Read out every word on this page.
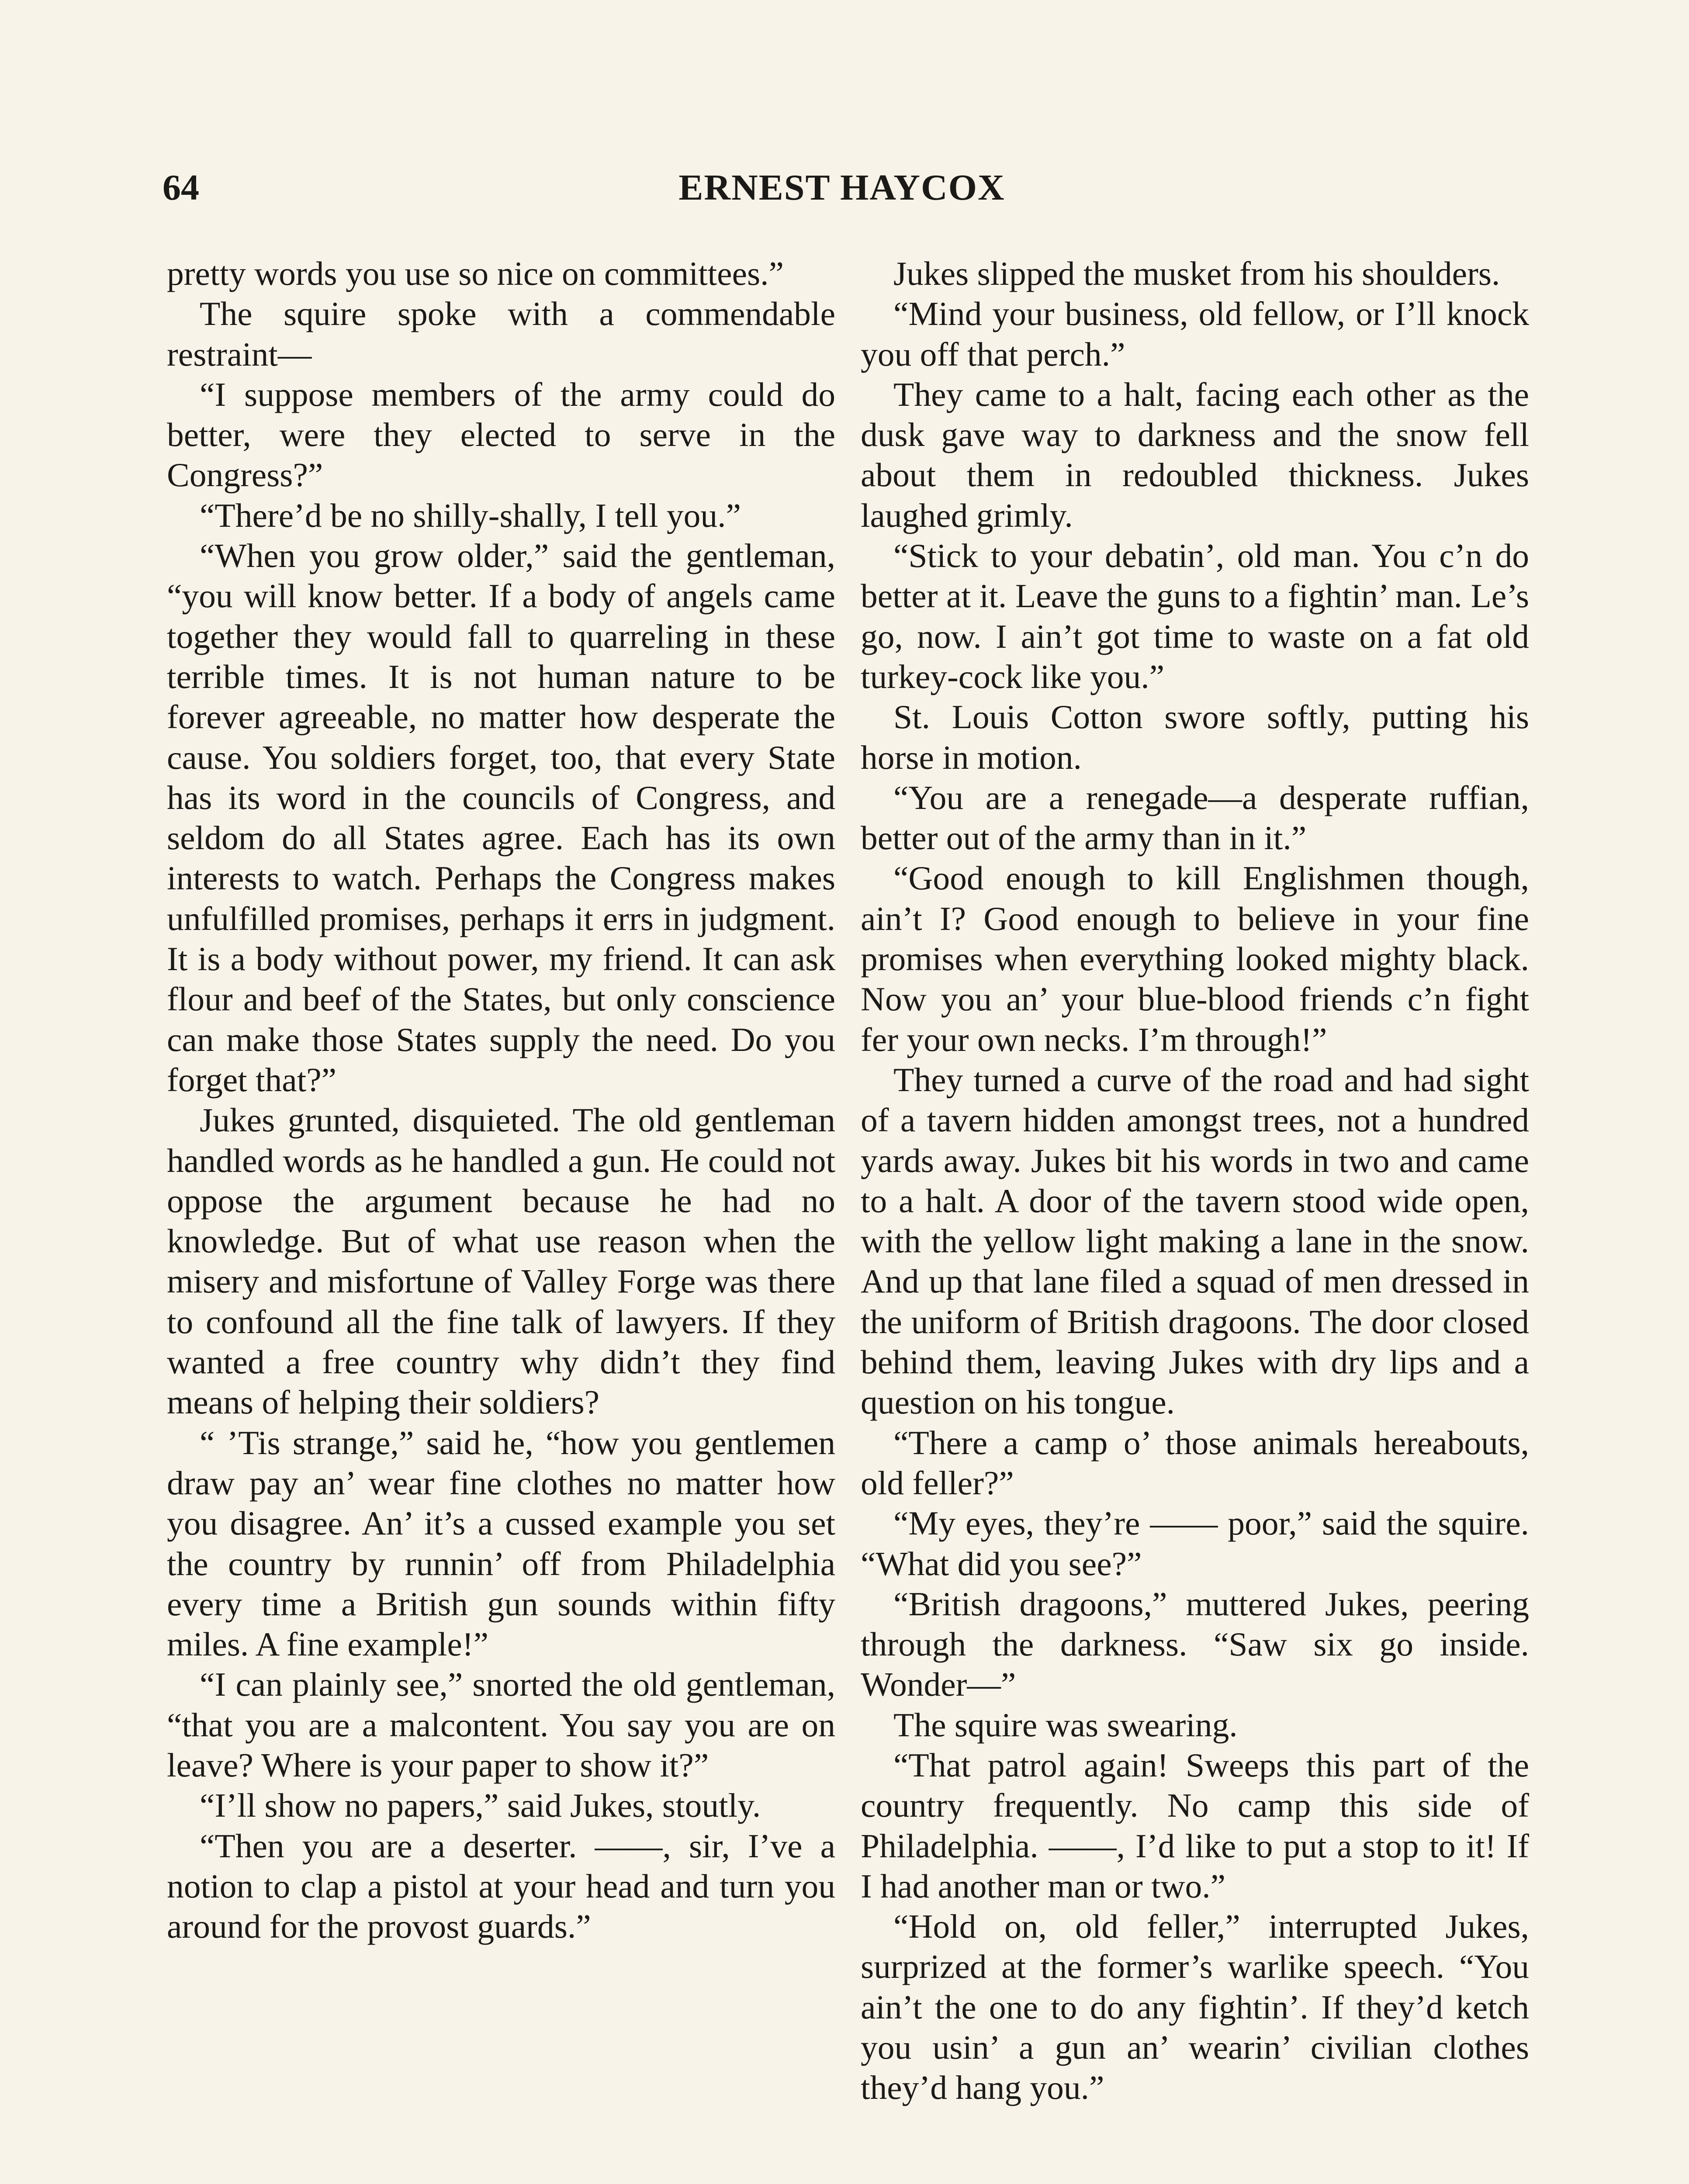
64	ERNEST HAYCOX

pretty words you use so nice on committees.”

The squire spoke with a commendable restraint—

“I suppose members of the army could do better, were they elected to serve in the Congress?”

“There’d be no shilly-shally, I tell you.”

“When you grow older,” said the gentleman, “you will know better. If a body of angels came together they would fall to quarreling in these terrible times. It is not human nature to be forever agreeable, no matter how desperate the cause. You soldiers forget, too, that every State has its word in the councils of Congress, and seldom do all States agree. Each has its own interests to watch. Perhaps the Congress makes unfulfilled promises, perhaps it errs in judgment. It is a body without power, my friend. It can ask flour and beef of the States, but only conscience can make those States supply the need. Do you forget that?”

Jukes grunted, disquieted. The old gentleman handled words as he handled a gun. He could not oppose the argument because he had no knowledge. But of what use reason when the misery and misfortune of Valley Forge was there to confound all the fine talk of lawyers. If they wanted a free country why didn’t they find means of helping their soldiers?

“ ’Tis strange,” said he, “how you gentlemen draw pay an’ wear fine clothes no matter how you disagree. An’ it’s a cussed example you set the country by runnin’ off from Philadelphia every time a British gun sounds within fifty miles. A fine example!”

“I can plainly see,” snorted the old gentleman, “that you are a malcontent. You say you are on leave? Where is your paper to show it?”

“I’ll show no papers,” said Jukes, stoutly.

“Then you are a deserter. ——, sir, I’ve a notion to clap a pistol at your head and turn you around for the provost guards.”

Jukes slipped the musket from his shoulders.

“Mind your business, old fellow, or I’ll knock you off that perch.”

They came to a halt, facing each other as the dusk gave way to darkness and the snow fell about them in redoubled thickness. Jukes laughed grimly.

“Stick to your debatin’, old man. You c’n do better at it. Leave the guns to a fightin’ man. Le’s go, now. I ain’t got time to waste on a fat old turkey-cock like you.”

St. Louis Cotton swore softly, putting his horse in motion.

“You are a renegade—a desperate ruffian, better out of the army than in it.”

“Good enough to kill Englishmen though, ain’t I? Good enough to believe in your fine promises when everything looked mighty black. Now you an’ your blue-blood friends c’n fight fer your own necks. I’m through!”

They turned a curve of the road and had sight of a tavern hidden amongst trees, not a hundred yards away. Jukes bit his words in two and came to a halt. A door of the tavern stood wide open, with the yellow light making a lane in the snow. And up that lane filed a squad of men dressed in the uniform of British dragoons. The door closed behind them, leaving Jukes with dry lips and a question on his tongue.

“There a camp o’ those animals hereabouts, old feller?”

“My eyes, they’re —— poor,” said the squire. “What did you see?”

“British dragoons,” muttered Jukes, peering through the darkness. “Saw six go inside. Wonder—”

The squire was swearing.

“That patrol again! Sweeps this part of the country frequently. No camp this side of Philadelphia. ——, I’d like to put a stop to it! If I had another man or two.”

“Hold on, old feller,” interrupted Jukes, surprized at the former’s warlike speech. “You ain’t the one to do any fightin’. If they’d ketch you usin’ a gun an’ wearin’ civilian clothes they’d hang you.”
